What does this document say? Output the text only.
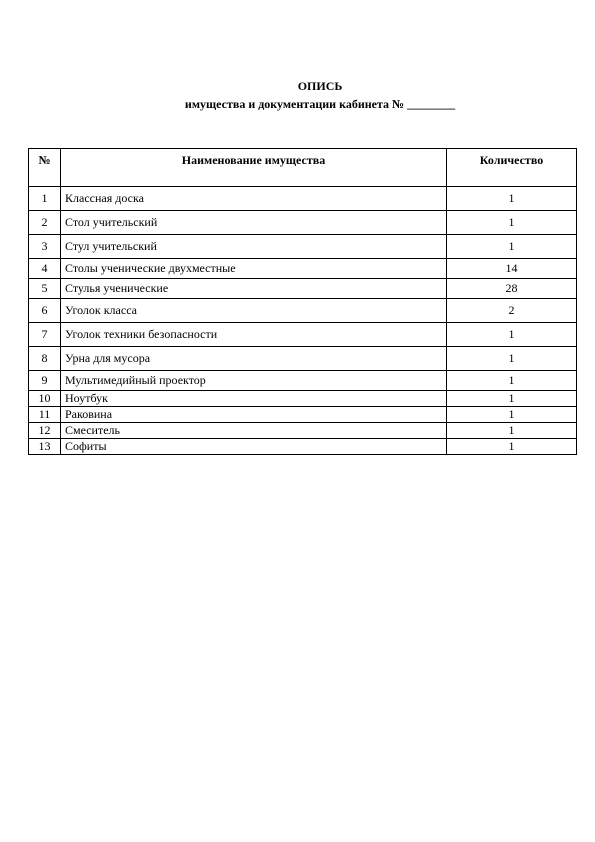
ОПИСЬ
имущества и документации кабинета № ________
№	Наименование имущества	Количество
1	Классная доска	1
2	Стол учительский	1
3	Стул учительский	1
4	Столы ученические двухместные	14
5	Стулья ученические	28
6	Уголок класса	2
7	Уголок техники безопасности	1
8	Урна для мусора	1
9	Мультимедийный проектор	1
10	Ноутбук	1
11	Раковина	1
12	Смеситель	1
13	Софиты	1
